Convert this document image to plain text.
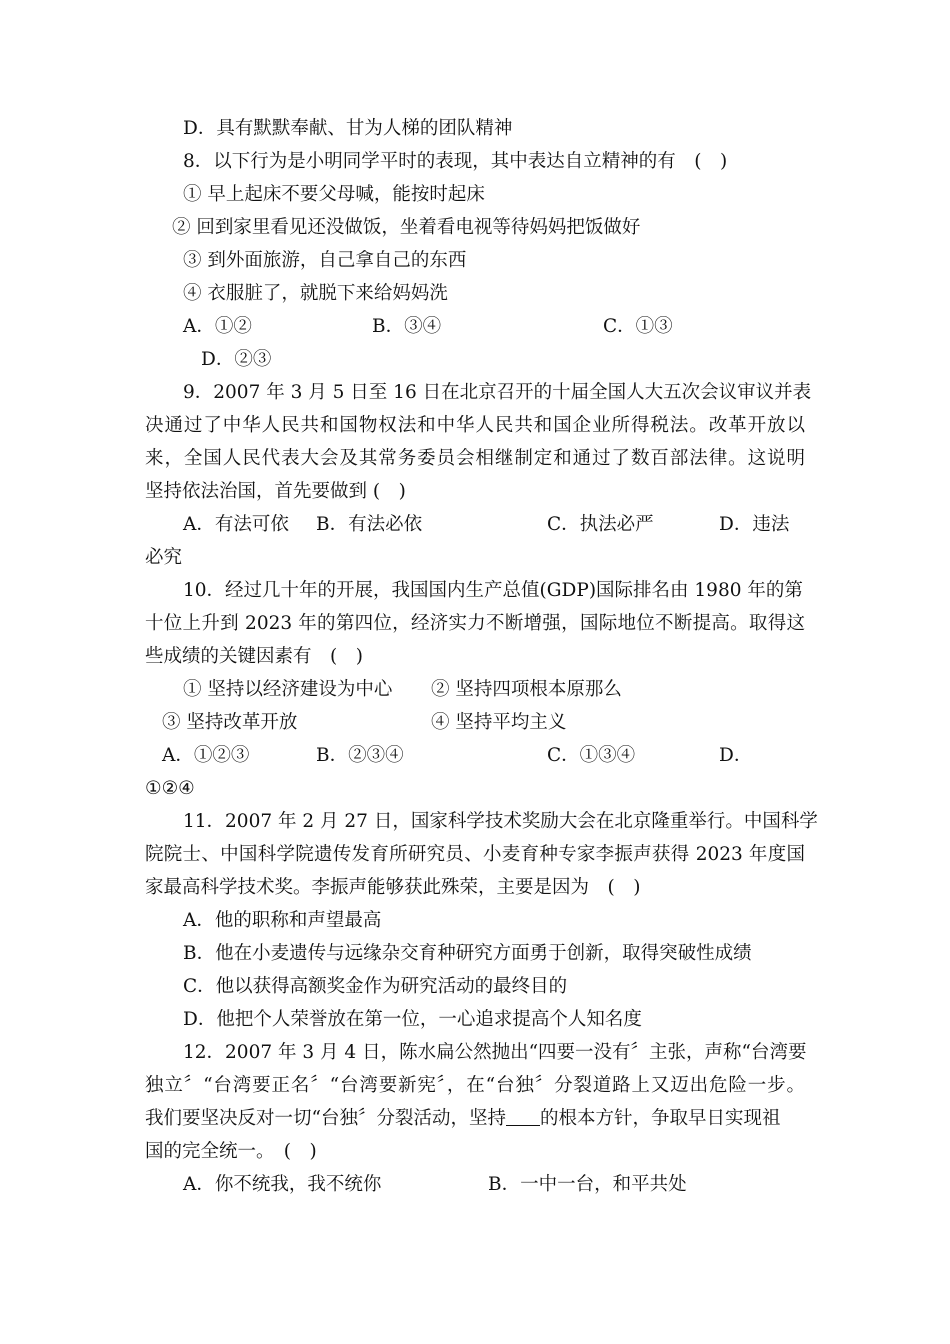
D．具有默默奉献、甘为人梯的团队精神
8．以下行为是小明同学平时的表现，其中表达自立精神的有　(　)
① 早上起床不要父母喊，能按时起床
② 回到家里看见还没做饭，坐着看电视等待妈妈把饭做好
③ 到外面旅游，自己拿自己的东西
④ 衣服脏了，就脱下来给妈妈洗
A．①②	B．③④	C．①③
D．②③
9．2007 年 3 月 5 日至 16 日在北京召开的十届全国人大五次会议审议并表
决通过了中华人民共和国物权法和中华人民共和国企业所得税法。改革开放以
来，全国人民代表大会及其常务委员会相继制定和通过了数百部法律。这说明
坚持依法治国，首先要做到 (　)
A．有法可依 B．有法必依	C．执法必严	D．违法
必究
10．经过几十年的开展，我国国内生产总值(GDP)国际排名由 1980 年的第
十位上升到 2023 年的第四位，经济实力不断增强，国际地位不断提高。取得这
些成绩的关键因素有　(　)
① 坚持以经济建设为中心 ② 坚持四项根本原那么
③ 坚持改革开放	④ 坚持平均主义
A．①②③	B．②③④	C．①③④	D．
①②④
11．2007 年 2 月 27 日，国家科学技术奖励大会在北京隆重举行。中国科学
院院士、中国科学院遗传发育所研究员、小麦育种专家李振声获得 2023 年度国
家最高科学技术奖。李振声能够获此殊荣，主要是因为　(　)
A．他的职称和声望最高
B．他在小麦遗传与远缘杂交育种研究方面勇于创新，取得突破性成绩
C．他以获得高额奖金作为研究活动的最终目的
D．他把个人荣誉放在第一位，一心追求提高个人知名度
12．2007 年 3 月 4 日，陈水扁公然抛出“四要一没有〞主张，声称“台湾要
独立〞“台湾要正名〞“台湾要新宪〞，在“台独〞分裂道路上又迈出危险一步。
我们要坚决反对一切“台独〞分裂活动，坚持 的根本方针，争取早日实现祖
国的完全统一。　(　)
A．你不统我，我不统你	B．一中一台，和平共处
